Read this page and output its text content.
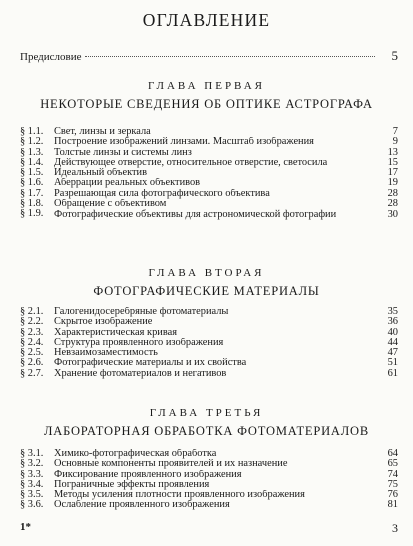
ОГЛАВЛЕНИЕ
Предисловие	5
ГЛАВА ПЕРВАЯ
НЕКОТОРЫЕ СВЕДЕНИЯ ОБ ОПТИКЕ АСТРОГРАФА
§ 1.1.	Свет, линзы и зеркала	7
§ 1.2.	Построение изображений линзами. Масштаб изображения	9
§ 1.3.	Толстые линзы и системы линз	13
§ 1.4.	Действующее отверстие, относительное отверстие, светосила	15
§ 1.5.	Идеальный объектив	17
§ 1.6.	Аберрации реальных объективов	19
§ 1.7.	Разрешающая сила фотографического объектива	28
§ 1.8.	Обращение с объективом	28
§ 1.9.	Фотографические объективы для астрономической фотографии	30
ГЛАВА ВТОРАЯ
ФОТОГРАФИЧЕСКИЕ МАТЕРИАЛЫ
§ 2.1.	Галогенидосеребряные фотоматериалы	35
§ 2.2.	Скрытое изображение	36
§ 2.3.	Характеристическая кривая	40
§ 2.4.	Структура проявленного изображения	44
§ 2.5.	Невзаимозаместимость	47
§ 2.6.	Фотографические материалы и их свойства	51
§ 2.7.	Хранение фотоматериалов и негативов	61
ГЛАВА ТРЕТЬЯ
ЛАБОРАТОРНАЯ ОБРАБОТКА ФОТОМАТЕРИАЛОВ
§ 3.1.	Химико-фотографическая обработка	64
§ 3.2.	Основные компоненты проявителей и их назначение	65
§ 3.3.	Фиксирование проявленного изображения	74
§ 3.4.	Пограничные эффекты проявления	75
§ 3.5.	Методы усиления плотности проявленного изображения	76
§ 3.6.	Ослабление проявленного изображения	81
1*	3
